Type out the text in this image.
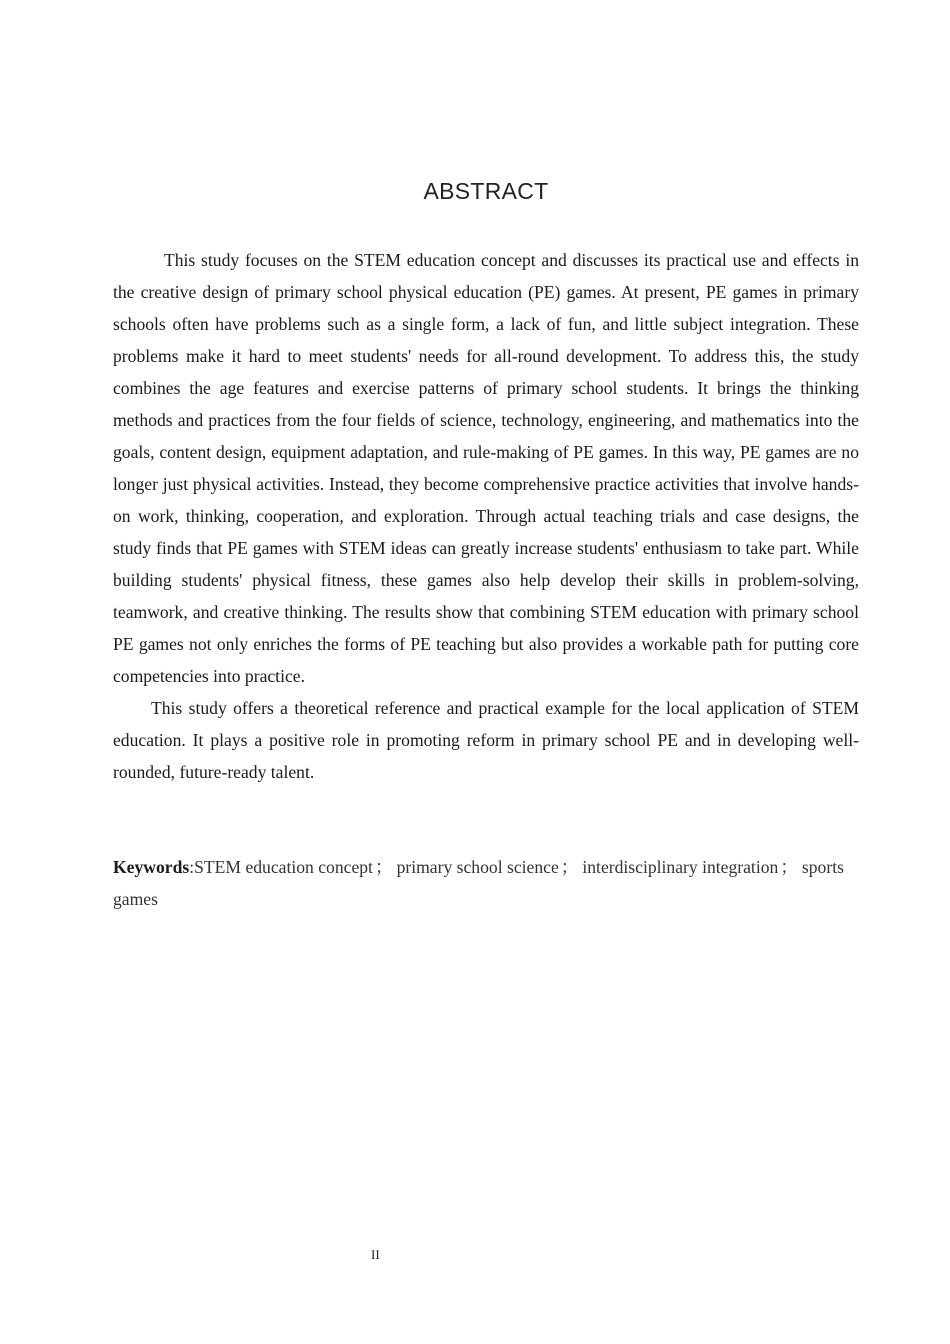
ABSTRACT

This study focuses on the STEM education concept and discusses its practical use and effects in the creative design of primary school physical education (PE) games. At present, PE games in primary schools often have problems such as a single form, a lack of fun, and little subject integration. These problems make it hard to meet students' needs for all-round development. To address this, the study combines the age features and exercise patterns of primary school students. It brings the thinking methods and practices from the four fields of science, technology, engineering, and mathematics into the goals, content design, equipment adaptation, and rule-making of PE games. In this way, PE games are no longer just physical activities. Instead, they become comprehensive practice activities that involve hands-on work, thinking, cooperation, and exploration. Through actual teaching trials and case designs, the study finds that PE games with STEM ideas can greatly increase students' enthusiasm to take part. While building students' physical fitness, these games also help develop their skills in problem-solving, teamwork, and creative thinking. The results show that combining STEM education with primary school PE games not only enriches the forms of PE teaching but also provides a workable path for putting core competencies into practice.

This study offers a theoretical reference and practical example for the local application of STEM education. It plays a positive role in promoting reform in primary school PE and in developing well-rounded, future-ready talent.

Keywords:STEM education concept ； primary school science ； interdisciplinary integration ； sports games
II
